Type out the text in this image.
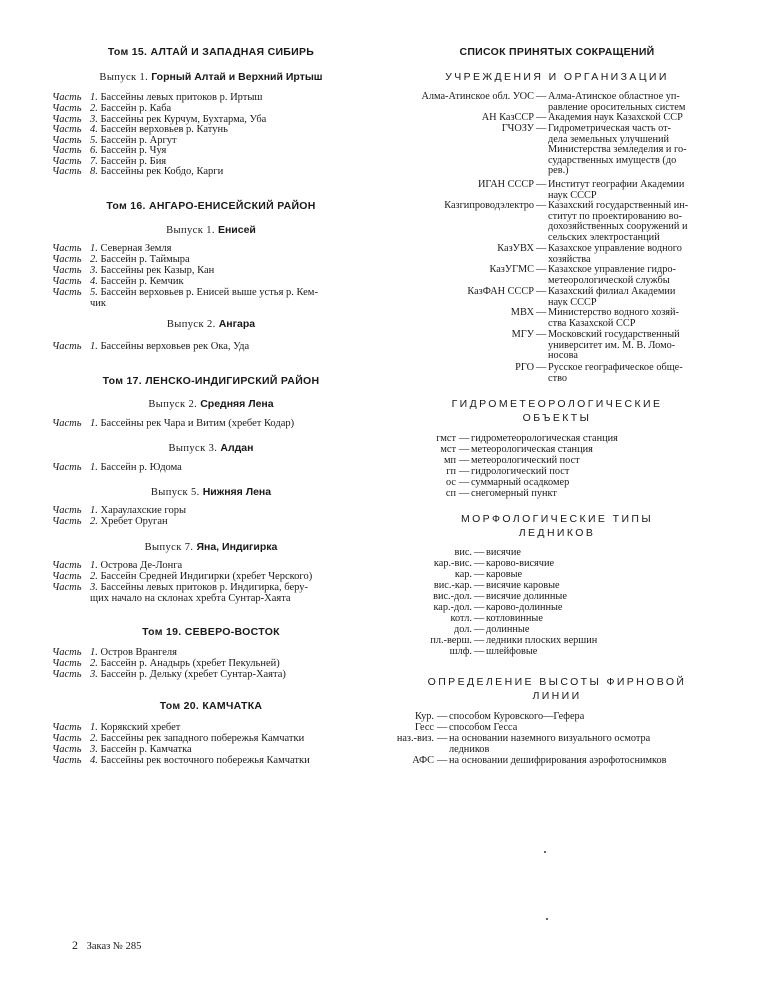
Том 15. АЛТАЙ И ЗАПАДНАЯ СИБИРЬ
Выпуск 1. Горный Алтай и Верхний Иртыш
Часть 1. Бассейны левых притоков р. Иртыш
Часть 2. Бассейн р. Каба
Часть 3. Бассейны рек Курчум, Бухтарма, Уба
Часть 4. Бассейн верховьев р. Катунь
Часть 5. Бассейн р. Аргут
Часть 6. Бассейн р. Чуя
Часть 7. Бассейн р. Бия
Часть 8. Бассейны рек Кобдо, Карги
Том 16. АНГАРО-ЕНИСЕЙСКИЙ РАЙОН
Выпуск 1. Енисей
Часть 1. Северная Земля
Часть 2. Бассейн р. Таймыра
Часть 3. Бассейны рек Казыр, Кан
Часть 4. Бассейн р. Кемчик
Часть 5. Бассейн верховьев р. Енисей выше устья р. Кем-
чик
Выпуск 2. Ангара
Часть 1. Бассейны верховьев рек Ока, Уда
Том 17. ЛЕНСКО-ИНДИГИРСКИЙ РАЙОН
Выпуск 2. Средняя Лена
Часть 1. Бассейны рек Чара и Витим (хребет Кодар)
Выпуск 3. Алдан
Часть 1. Бассейн р. Юдома
Выпуск 5. Нижняя Лена
Часть 1. Хараулахские горы
Часть 2. Хребет Оруган
Выпуск 7. Яна, Индигирка
Часть 1. Острова Де-Лонга
Часть 2. Бассейн Средней Индигирки (хребет Черского)
Часть 3. Бассейны левых притоков р. Индигирка, беру-
щих начало на склонах хребта Сунтар-Хаята
Том 19. СЕВЕРО-ВОСТОК
Часть 1. Остров Врангеля
Часть 2. Бассейн р. Анадырь (хребет Пекульней)
Часть 3. Бассейн р. Дельку (хребет Сунтар-Хаята)
Том 20. КАМЧАТКА
Часть 1. Корякский хребет
Часть 2. Бассейны рек западного побережья Камчатки
Часть 3. Бассейн р. Камчатка
Часть 4. Бассейны рек восточного побережья Камчатки
СПИСОК ПРИНЯТЫХ СОКРАЩЕНИЙ
УЧРЕЖДЕНИЯ И ОРГАНИЗАЦИИ
Алма-Атинское обл. УОС — Алма-Атинское областное уп-
равление оросительных систем
АН КазССР — Академия наук Казахской ССР
ГЧОЗУ — Гидрометрическая часть от-
дела земельных улучшений
Министерства земледелия и го-
сударственных имуществ (до
рев.)
ИГАН СССР — Институт географии Академии
наук СССР
Казгипроводэлектро — Казахский государственный ин-
ститут по проектированию во-
дохозяйственных сооружений и
сельских электростанций
КазУВХ — Казахское управление водного
хозяйства
КазУГМС — Казахское управление гидро-
метеорологической службы
КазФАН СССР — Казахский филиал Академии
наук СССР
МВХ — Министерство водного хозяй-
ства Казахской ССР
МГУ — Московский государственный
университет им. М. В. Ломо-
носова
РГО — Русское географическое обще-
ство
ГИДРОМЕТЕОРОЛОГИЧЕСКИЕ
ОБЪЕКТЫ
гмст — гидрометеорологическая станция
мст — метеорологическая станция
мп — метеорологический пост
гп — гидрологический пост
ос — суммарный осадкомер
сп — снегомерный пункт
МОРФОЛОГИЧЕСКИЕ ТИПЫ
ЛЕДНИКОВ
вис. — висячие
кар.-вис. — карово-висячие
кар. — каровые
вис.-кар. — висячие каровые
вис.-дол. — висячие долинные
кар.-дол. — карово-долинные
котл. — котловинные
дол. — долинные
пл.-верш. — ледники плоских вершин
шлф. — шлейфовые
ОПРЕДЕЛЕНИЕ ВЫСОТЫ ФИРНОВОЙ
ЛИНИИ
Кур. — способом Куровского—Гефера
Гесс — способом Гесса
наз.-виз. — на основании наземного визуального осмотра
ледников
АФС — на основании дешифрирования аэрофотоснимков
2 Заказ № 285
